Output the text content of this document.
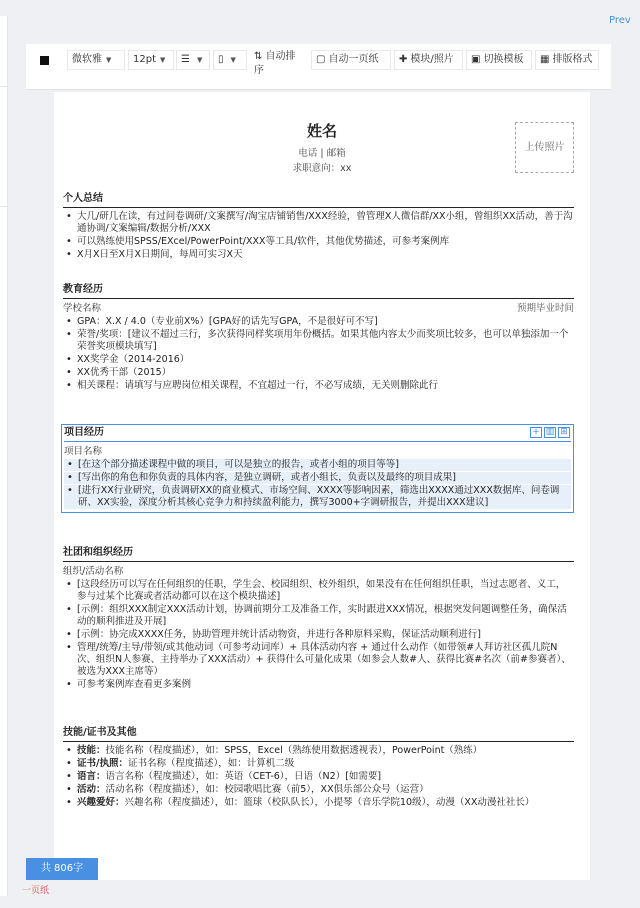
Prev
微软雅 ▼ 12pt ▼ ☰ ▼ ▯ ▼ ⇅ 自动排
序
▢ 自动一页纸 ✚ 模块/照片 ▣ 切换模板 ▦ 排版格式
姓名
电话 | 邮箱
求职意向：xx
上传照片
个人总结
• 大几/研几在读，有过问卷调研/文案撰写/淘宝店铺销售/XXX经验，曾管理X人微信群/XX小组，曾组织XX活动，善于沟通协调/文案编辑/数据分析/XXX
• 可以熟练使用SPSS/EXcel/PowerPoint/XXX等工具/软件，其他优势描述，可参考案例库
• X月X日至X月X日期间，每周可实习X天
教育经历
学校名称	预期毕业时间
• GPA：X.X / 4.0（专业前X%）[GPA好的话先写GPA，不是很好可不写]
• 荣誉/奖项：[建议不超过三行，多次获得同样奖项用年份概括。如果其他内容太少而奖项比较多，也可以单独添加一个荣誉奖项模块填写]
• XX奖学金（2014-2016）
• XX优秀干部（2015）
• 相关课程：请填写与应聘岗位相关课程，不宜超过一行，不必写成绩，无关则删除此行
+ ▥ ⊞
项目经历
项目名称
• [在这个部分描述课程中做的项目，可以是独立的报告，或者小组的项目等等]
• [写出你的角色和你负责的具体内容，是独立调研，或者小组长，负责以及最终的项目成果]
• [进行XX行业研究，负责调研XX的商业模式、市场空间、XXXX等影响因素，筛选出XXXX通过XXX数据库、问卷调研、XX实验，深度分析其核心竞争力和持续盈利能力，撰写3000+字调研报告，并提出XXX建议]
社团和组织经历
组织/活动名称
• [这段经历可以写在任何组织的任职，学生会、校园组织、校外组织，如果没有在任何组织任职，当过志愿者、义工，参与过某个比赛或者活动都可以在这个模块描述]
• [示例：组织XXX制定XXX活动计划，协调前期分工及准备工作，实时跟进XXX情况，根据突发问题调整任务，确保活动的顺利推进及开展]
• [示例：协完成XXXX任务，协助管理并统计活动物资，并进行各种原料采购，保证活动顺利进行]
• 管理/统筹/主导/带领/或其他动词（可参考动词库）+ 具体活动内容 + 通过什么动作（如带领#人拜访社区孤儿院N次、组织N人参赛、主持举办了XXX活动）+ 获得什么可量化成果（如参会人数#人、获得比赛#名次（前#参赛者）、被选为XXX主席等）
• 可参考案例库查看更多案例
技能/证书及其他
• 技能：技能名称（程度描述），如：SPSS，Excel（熟练使用数据透视表），PowerPoint（熟练）
• 证书/执照：证书名称（程度描述），如：计算机二级
• 语言：语言名称（程度描述），如：英语（CET-6），日语（N2）[如需要]
• 活动：活动名称（程度描述），如：校园歌唱比赛（前5），XX俱乐部公众号（运营）
• 兴趣爱好：兴趣名称（程度描述），如：篮球（校队队长），小提琴（音乐学院10级），动漫（XX动漫社社长）
共 806字
一页纸
